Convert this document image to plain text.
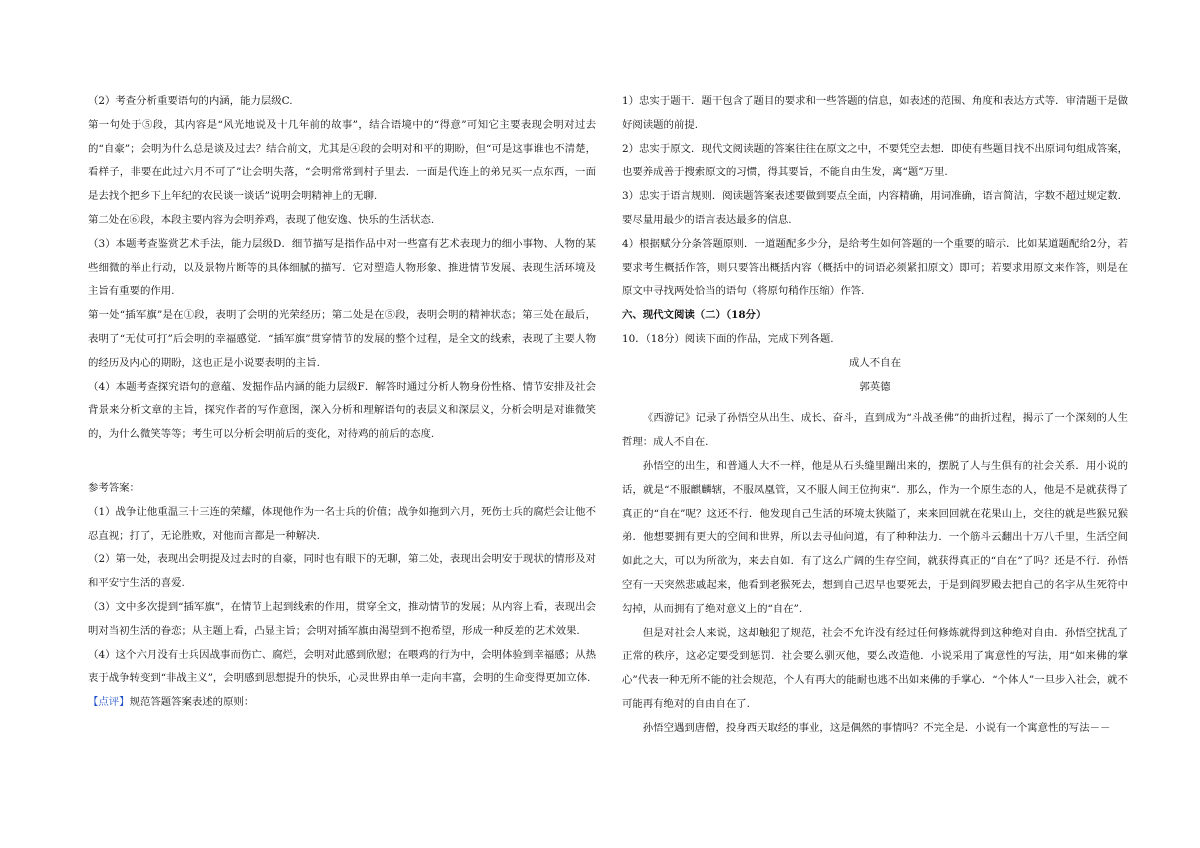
（2）考查分析重要语句的内涵，能力层级C.

第一句处于⑤段，其内容是“风光地说及十几年前的故事”，结合语境中的“得意”可知它主要表现会明对过去的“自豪”；会明为什么总是谈及过去？结合前文，尤其是④段的会明对和平的期盼，但“可是这事谁也不清楚，看样子，非要在此过六月不可了”让会明失落，“会明常常到村子里去．一面是代连上的弟兄买一点东西，一面是去找个把乡下上年纪的农民谈一谈话”说明会明精神上的无聊.

第二处在⑥段，本段主要内容为会明养鸡，表现了他安逸、快乐的生活状态.

（3）本题考查鉴赏艺术手法，能力层级D．细节描写是指作品中对一些富有艺术表现力的细小事物、人物的某些细微的举止行动，以及景物片断等的具体细腻的描写．它对塑造人物形象、推进情节发展、表现生活环境及主旨有重要的作用.

第一处“插军旗”是在①段，表明了会明的光荣经历；第二处是在⑤段，表明会明的精神状态；第三处在最后，表明了“无仗可打”后会明的幸福感觉．“插军旗”贯穿情节的发展的整个过程，是全文的线索，表现了主要人物的经历及内心的期盼，这也正是小说要表明的主旨.

（4）本题考查探究语句的意蕴、发掘作品内涵的能力层级F．解答时通过分析人物身份性格、情节安排及社会背景来分析文章的主旨，探究作者的写作意图，深入分析和理解语句的表层义和深层义，分析会明是对谁微笑的，为什么微笑等等；考生可以分析会明前后的变化，对待鸡的前后的态度.

参考答案：

（1）战争让他重温三十三连的荣耀，体现他作为一名士兵的价值；战争如拖到六月，死伤士兵的腐烂会让他不忍直视；打了，无论胜败，对他而言都是一种解决.

（2）第一处，表现出会明提及过去时的自豪，同时也有眼下的无聊，第二处，表现出会明安于现状的情形及对和平安宁生活的喜爱.

（3）文中多次提到“插军旗”，在情节上起到线索的作用，贯穿全文，推动情节的发展；从内容上看，表现出会明对当初生活的眷恋；从主题上看，凸显主旨；会明对插军旗由渴望到不抱希望，形成一种反差的艺术效果.

（4）这个六月没有士兵因战事而伤亡、腐烂，会明对此感到欣慰；在喂鸡的行为中，会明体验到幸福感；从热衷于战争转变到“非战主义”，会明感到思想提升的快乐，心灵世界由单一走向丰富，会明的生命变得更加立体.

【点评】规范答题答案表述的原则：

1）忠实于题干．题干包含了题目的要求和一些答题的信息，如表述的范围、角度和表达方式等．审清题干是做好阅读题的前提.

2）忠实于原文．现代文阅读题的答案往往在原文之中，不要凭空去想．即使有些题目找不出原词句组成答案，也要养成善于搜索原文的习惯，得其要旨，不能自由生发，离“题”万里.

3）忠实于语言规则．阅读题答案表述要做到要点全面，内容精确，用词准确，语言简洁，字数不超过规定数．要尽量用最少的语言表达最多的信息.

4）根据赋分分条答题原则．一道题配多少分，是给考生如何答题的一个重要的暗示．比如某道题配给2分，若要求考生概括作答，则只要答出概括内容（概括中的词语必须紧扣原文）即可；若要求用原文来作答，则是在原文中寻找两处恰当的语句（将原句稍作压缩）作答.

六、现代文阅读（二）（18分）

10．（18分）阅读下面的作品，完成下列各题.

成人不自在

郭英德

《西游记》记录了孙悟空从出生、成长、奋斗，直到成为“斗战圣佛”的曲折过程，揭示了一个深刻的人生哲理：成人不自在.

孙悟空的出生，和普通人大不一样，他是从石头缝里蹦出来的，摆脱了人与生俱有的社会关系．用小说的话，就是“不服麒麟辖，不服凤凰管，又不服人间王位拘束”．那么，作为一个原生态的人，他是不是就获得了真正的“自在”呢？这还不行．他发现自己生活的环境太狭隘了，来来回回就在花果山上，交往的就是些猴兄猴弟．他想要拥有更大的空间和世界，所以去寻仙问道，有了种种法力．一个筋斗云翻出十万八千里，生活空间如此之大，可以为所欲为，来去自如．有了这么广阔的生存空间，就获得真正的“自在”了吗？还是不行．孙悟空有一天突然悲戚起来，他看到老猴死去，想到自己迟早也要死去，于是到阎罗殿去把自己的名字从生死符中勾掉，从而拥有了绝对意义上的“自在”.

但是对社会人来说，这却触犯了规范，社会不允许没有经过任何修炼就得到这种绝对自由．孙悟空扰乱了正常的秩序，这必定要受到惩罚．社会要么驯灭他，要么改造他．小说采用了寓意性的写法，用“如来佛的掌心”代表一种无所不能的社会规范，个人有再大的能耐也逃不出如来佛的手掌心．“个体人”一旦步入社会，就不可能再有绝对的自由自在了.

孙悟空遇到唐僧，投身西天取经的事业，这是偶然的事情吗？不完全是．小说有一个寓意性的写法－－
